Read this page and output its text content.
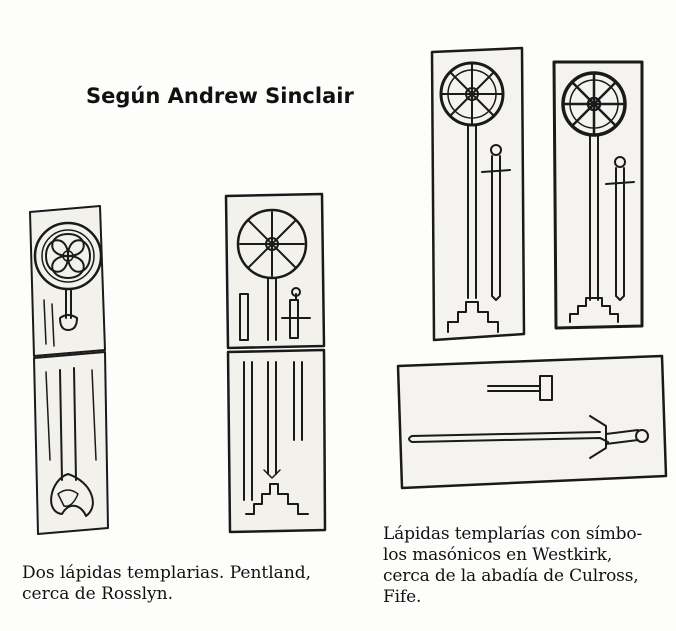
Según Andrew Sinclair
Dos lápidas templarias. Pentland,
cerca de Rosslyn.
Lápidas templarías con símbo-
los masónicos en Westkirk,
cerca de la abadía de Culross,
Fife.
